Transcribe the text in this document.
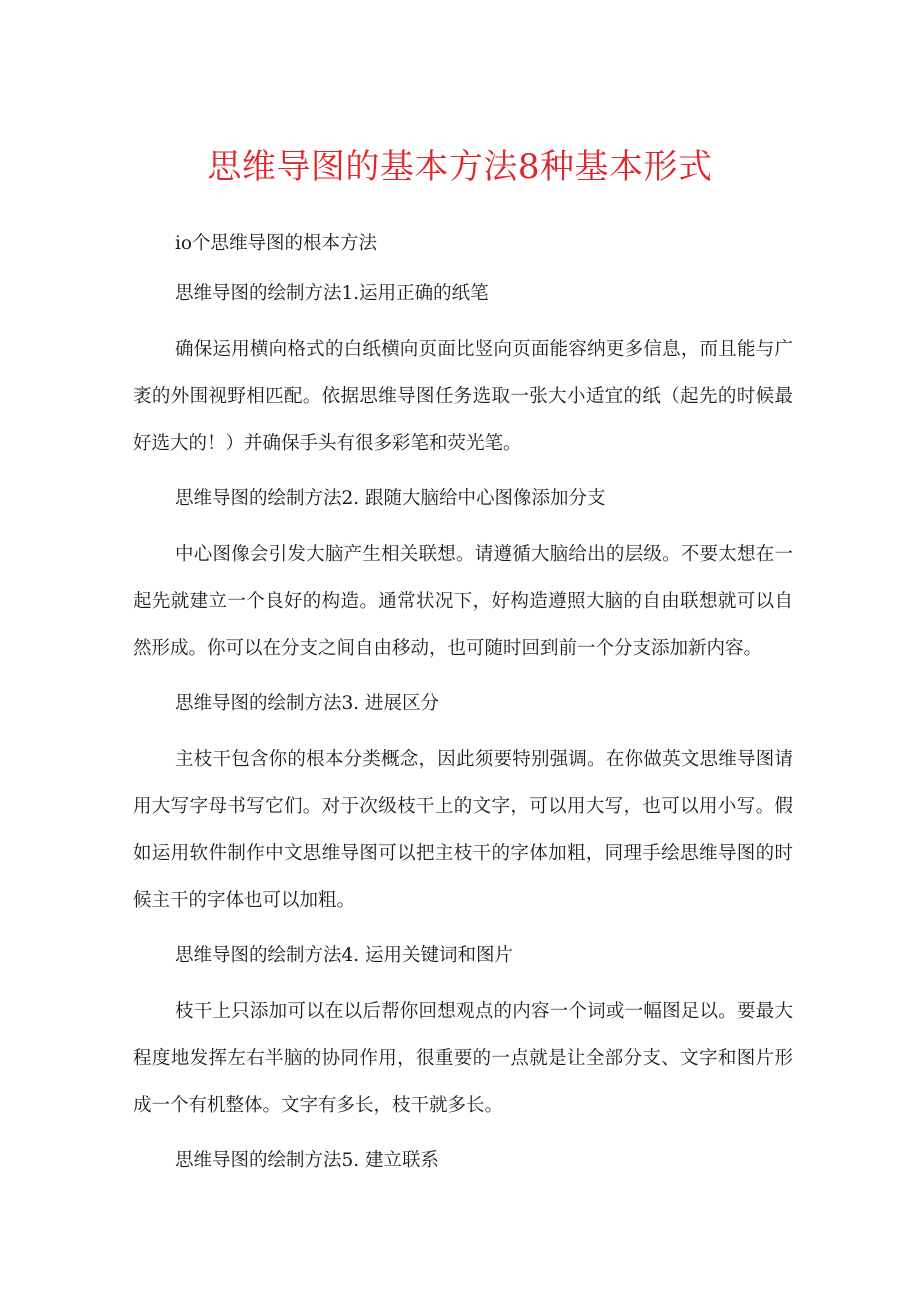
思维导图的基本方法8种基本形式
io个思维导图的根本方法
思维导图的绘制方法1.运用正确的纸笔
确保运用横向格式的白纸横向页面比竖向页面能容纳更多信息，而且能与广袤的外围视野相匹配。依据思维导图任务选取一张大小适宜的纸（起先的时候最好选大的！）并确保手头有很多彩笔和荧光笔。
思维导图的绘制方法2. 跟随大脑给中心图像添加分支
中心图像会引发大脑产生相关联想。请遵循大脑给出的层级。不要太想在一起先就建立一个良好的构造。通常状况下，好构造遵照大脑的自由联想就可以自然形成。你可以在分支之间自由移动，也可随时回到前一个分支添加新内容。
思维导图的绘制方法3. 进展区分
主枝干包含你的根本分类概念，因此须要特别强调。在你做英文思维导图请用大写字母书写它们。对于次级枝干上的文字，可以用大写，也可以用小写。假如运用软件制作中文思维导图可以把主枝干的字体加粗，同理手绘思维导图的时候主干的字体也可以加粗。
思维导图的绘制方法4. 运用关键词和图片
枝干上只添加可以在以后帮你回想观点的内容一个词或一幅图足以。要最大程度地发挥左右半脑的协同作用，很重要的一点就是让全部分支、文字和图片形成一个有机整体。文字有多长，枝干就多长。
思维导图的绘制方法5. 建立联系
